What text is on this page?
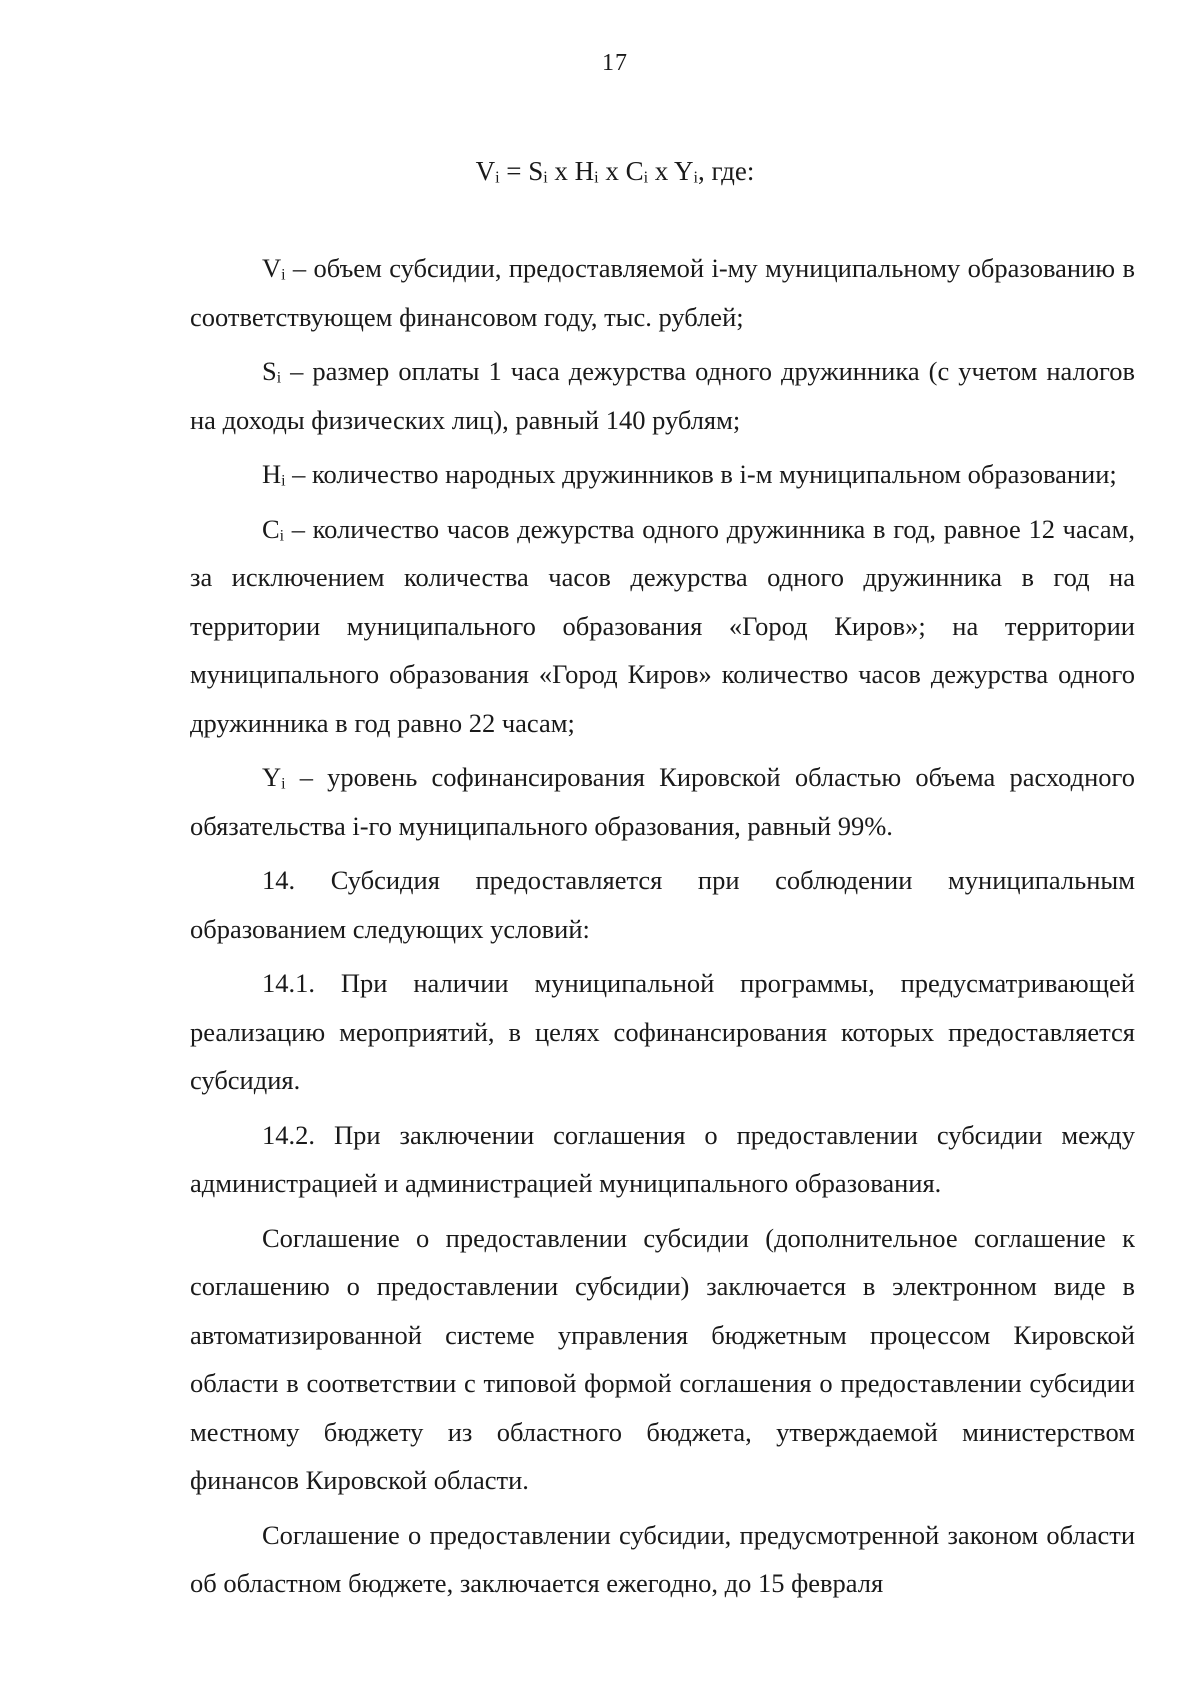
17
Vᵢ = Sᵢ x Hᵢ x Cᵢ x Yᵢ, где:

Vᵢ – объем субсидии, предоставляемой i-му муниципальному образованию в соответствующем финансовом году, тыс. рублей;

Sᵢ – размер оплаты 1 часа дежурства одного дружинника (с учетом налогов на доходы физических лиц), равный 140 рублям;

Hᵢ – количество народных дружинников в i-м муниципальном образовании;

Cᵢ – количество часов дежурства одного дружинника в год, равное 12 часам, за исключением количества часов дежурства одного дружинника в год на территории муниципального образования «Город Киров»; на территории муниципального образования «Город Киров» количество часов дежурства одного дружинника в год равно 22 часам;

Yᵢ – уровень софинансирования Кировской областью объема расходного обязательства i-го муниципального образования, равный 99%.

14. Субсидия предоставляется при соблюдении муниципальным образованием следующих условий:

14.1. При наличии муниципальной программы, предусматривающей реализацию мероприятий, в целях софинансирования которых предоставляется субсидия.

14.2. При заключении соглашения о предоставлении субсидии между администрацией и администрацией муниципального образования.

Соглашение о предоставлении субсидии (дополнительное соглашение к соглашению о предоставлении субсидии) заключается в электронном виде в автоматизированной системе управления бюджетным процессом Кировской области в соответствии с типовой формой соглашения о предоставлении субсидии местному бюджету из областного бюджета, утверждаемой министерством финансов Кировской области.

Соглашение о предоставлении субсидии, предусмотренной законом области об областном бюджете, заключается ежегодно, до 15 февраля
